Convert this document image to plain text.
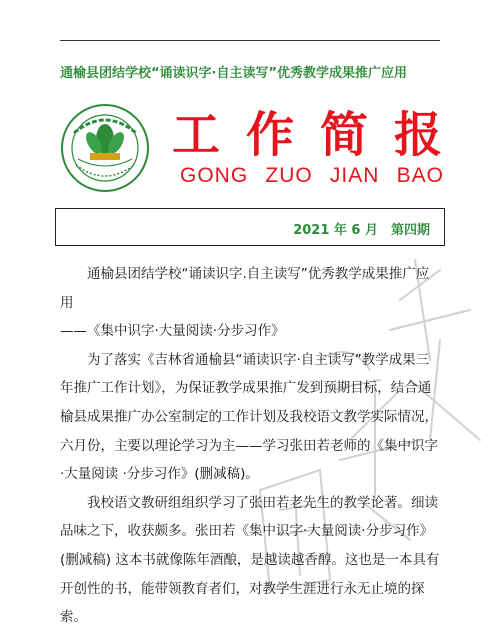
通榆县团结学校“诵读识字·自主读写”优秀教学成果推广应用
工 作 简 报
GONG ZUO JIAN BAO
2021 年 6 月　第四期

通榆县团结学校“诵读识字.自主读写”优秀教学成果推广应用

——《集中识字·大量阅读·分步习作》

为了落实《吉林省通榆县“诵读识字·自主读写”教学成果三年推广工作计划》，为保证教学成果推广发到预期目标，结合通榆县成果推广办公室制定的工作计划及我校语文教学实际情况，六月份，主要以理论学习为主——学习张田若老师的《集中识字 ·大量阅读 ·分步习作》(删减稿)。

我校语文教研组组织学习了张田若老先生的教学论著。细读品味之下，收获颇多。张田若《集中识字·大量阅读·分步习作》(删减稿) 这本书就像陈年酒酿，是越读越香醇。这也是一本具有开创性的书，能带领教育者们，对教学生涯进行永无止境的探索。
